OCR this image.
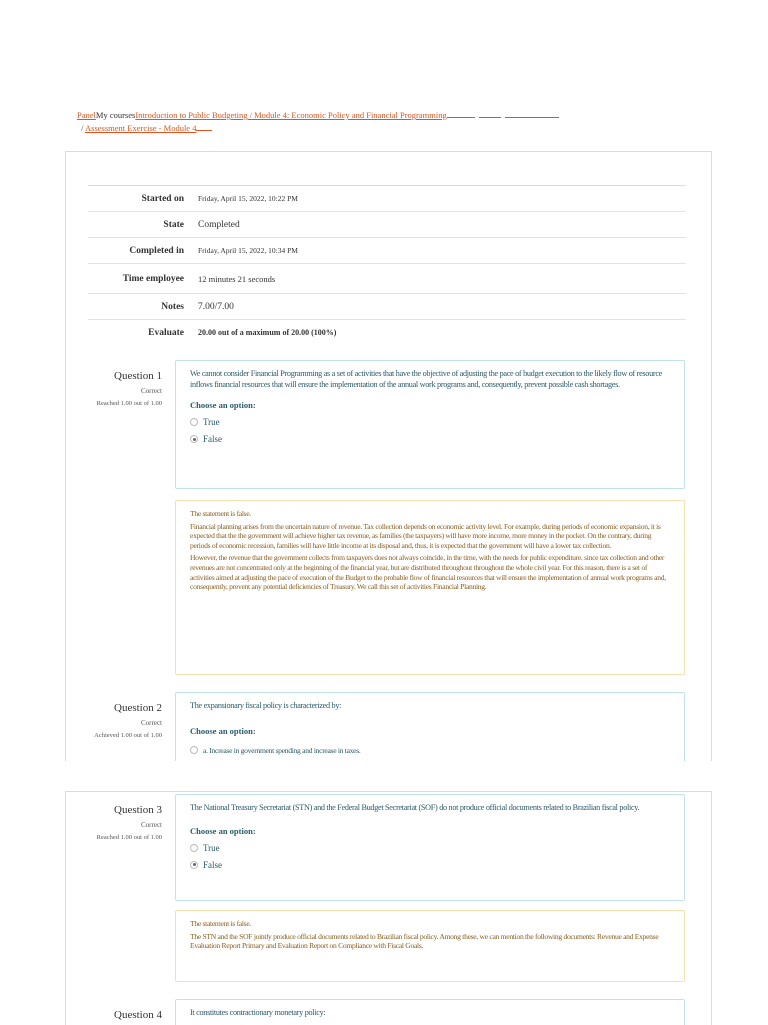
PanelMy coursesIntroduction to Public Budgeting / Module 4: Economic Policy and Financial Programming
/ Assessment Exercise - Module 4
Started on	Friday, April 15, 2022, 10:22 PM
State	Completed
Completed in	Friday, April 15, 2022, 10:34 PM
Time employee	12 minutes 21 seconds
Notes	7.00/7.00
Evaluate	20.00 out of a maximum of 20.00 (100%)
Question 1
Correct
Reached 1.00 out of 1.00
We cannot consider Financial Programming as a set of activities that have the objective of adjusting the pace of budget execution to the likely flow of resource inflows financial resources that will ensure the implementation of the annual work programs and, consequently, prevent possible cash shortages.
Choose an option:
True
False

The statement is false.

Financial planning arises from the uncertain nature of revenue. Tax collection depends on economic activity level. For example, during periods of economic expansion, it is expected that the the government will achieve higher tax revenue, as families (the taxpayers) will have more income, more money in the pocket. On the contrary, during periods of economic recession, families will have little income at its disposal and, thus, it is expected that the government will have a lower tax collection.

However, the revenue that the government collects from taxpayers does not always coincide, in the time, with the needs for public expenditure. since tax collection and other revenues are not concentrated only at the beginning of the financial year, but are distributed throughout throughout the whole civil year. For this reason, there is a set of activities aimed at adjusting the pace of execution of the Budget to the probable flow of financial resources that will ensure the implementation of annual work programs and, consequently, prevent any potential deficiencies of Treasury. We call this set of activities Financial Planning.

Question 2
Correct
Achieved 1.00 out of 1.00
The expansionary fiscal policy is characterized by:
Choose an option:
a. Increase in government spending and increase in taxes.
Question 3
Correct
Reached 1.00 out of 1.00
The National Treasury Secretariat (STN) and the Federal Budget Secretariat (SOF) do not produce official documents related to Brazilian fiscal policy.
Choose an option:
True
False

The statement is false.

The STN and the SOF jointly produce official documents related to Brazilian fiscal policy. Among these, we can mention the following documents: Revenue and Expense Evaluation Report Primary and Evaluation Report on Compliance with Fiscal Goals.

Question 4	It constitutes contractionary monetary policy:
